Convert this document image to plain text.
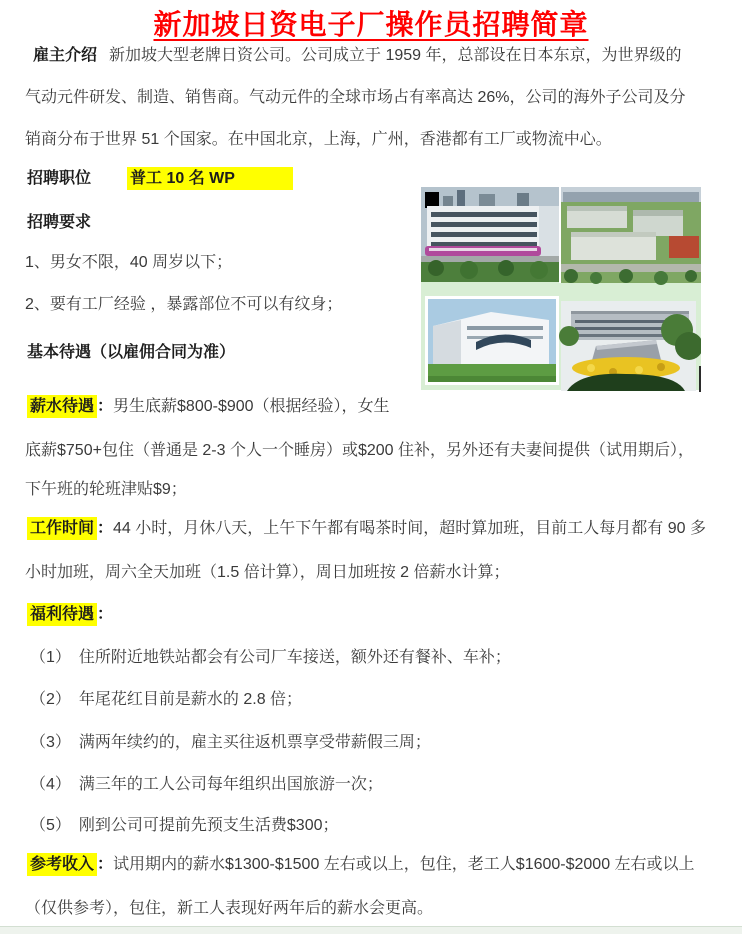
新加坡日资电子厂操作员招聘简章
雇主介绍 新加坡大型老牌日资公司。公司成立于 1959 年，总部设在日本东京，为世界级的
气动元件研发、制造、销售商。气动元件的全球市场占有率高达 26%，公司的海外子公司及分
销商分布于世界 51 个国家。在中国北京，上海，广州，香港都有工厂或物流中心。
招聘职位 普工 10 名 WP
招聘要求
1、男女不限，40 周岁以下；
2、要有工厂经验 ，暴露部位不可以有纹身；
基本待遇（以雇佣合同为准）
薪水待遇 ：男生底薪$800-$900（根据经验），女生
底薪$750+包住（普通是 2-3 个人一个睡房）或$200 住补，另外还有夫妻间提供（试用期后），
下午班的轮班津贴$9；
工作时间 ：44 小时，月休八天，上午下午都有喝茶时间，超时算加班，目前工人每月都有 90 多
小时加班，周六全天加班（1.5 倍计算），周日加班按 2 倍薪水计算；
福利待遇 ：
（1）　住所附近地铁站都会有公司厂车接送，额外还有餐补、车补；
（2）　年尾花红目前是薪水的 2.8 倍；
（3）　满两年续约的，雇主买往返机票享受带薪假三周；
（4）　满三年的工人公司每年组织出国旅游一次；
（5）　刚到公司可提前先预支生活费$300；
参考收入 ：试用期内的薪水$1300-$1500 左右或以上，包住，老工人$1600-$2000 左右或以上
（仅供参考），包住，新工人表现好两年后的薪水会更高。
